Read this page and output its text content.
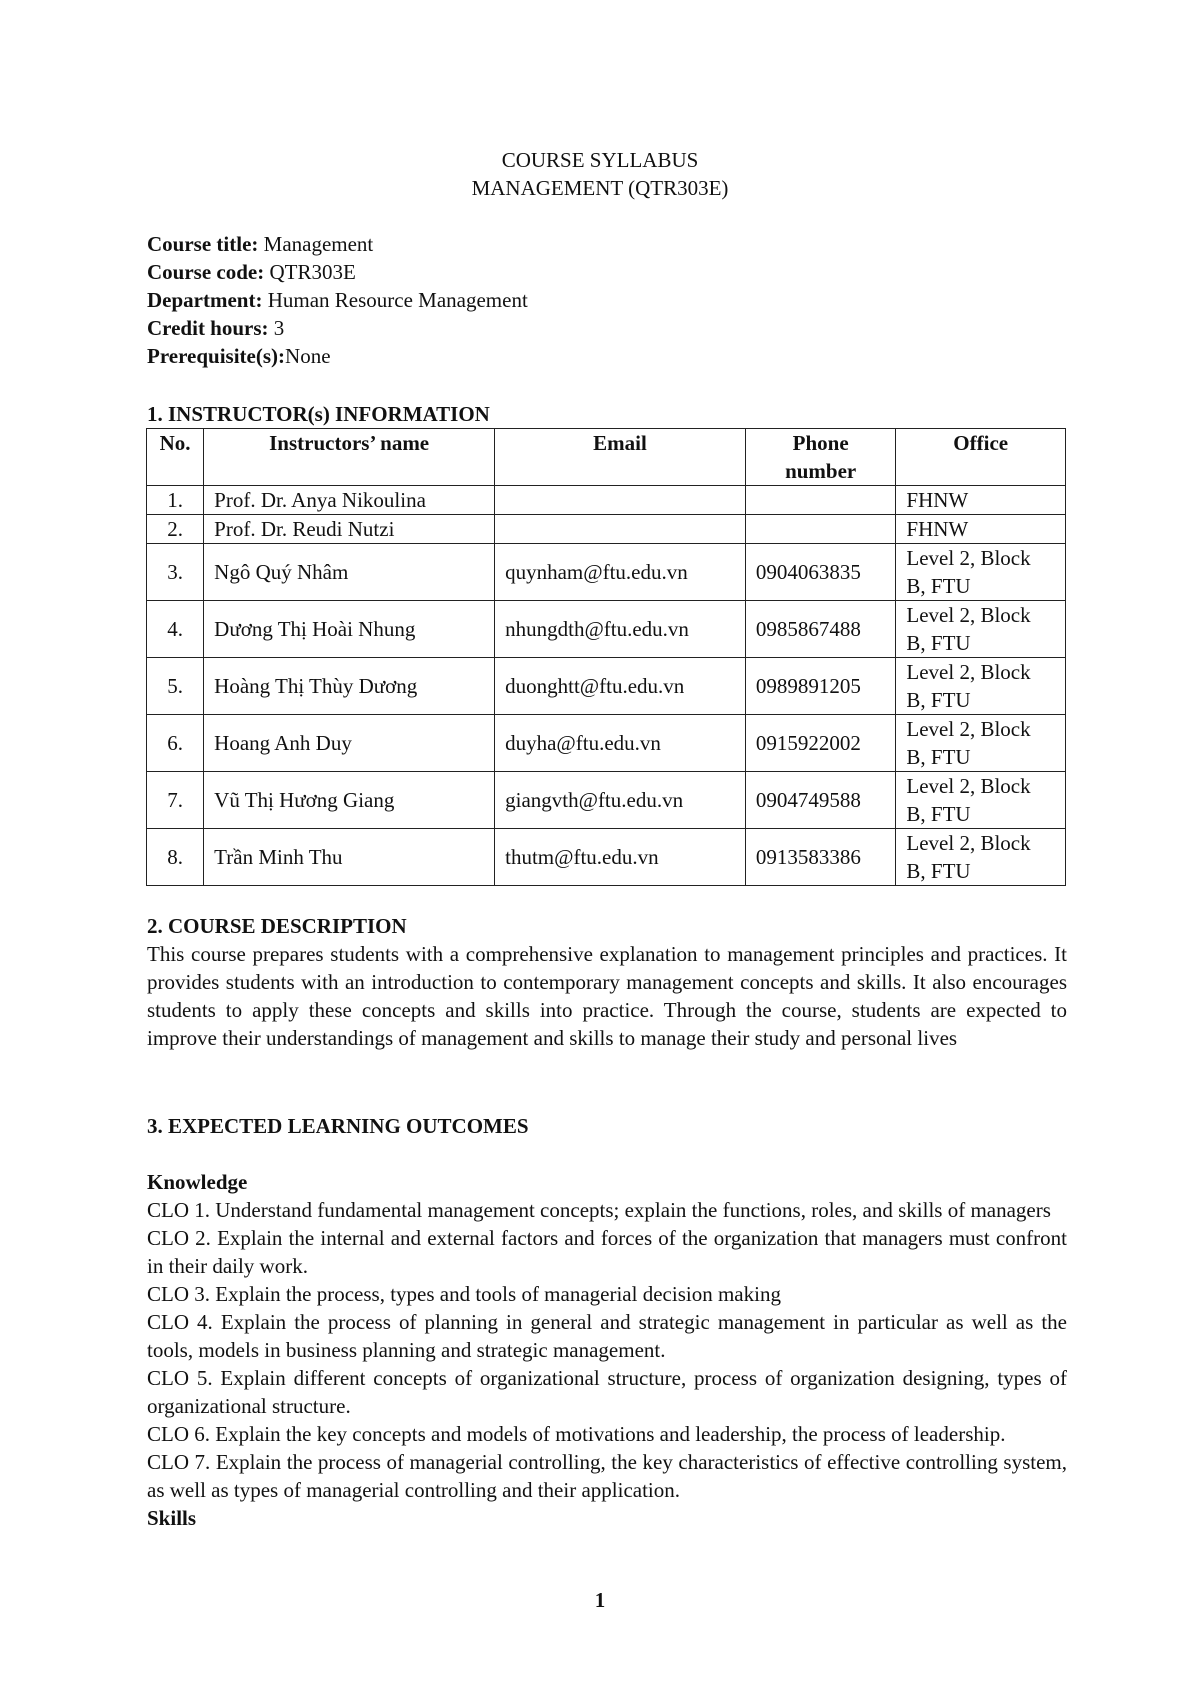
COURSE SYLLABUS
MANAGEMENT (QTR303E)
Course title: Management
Course code: QTR303E
Department: Human Resource Management
Credit hours: 3
Prerequisite(s):None
1. INSTRUCTOR(s) INFORMATION
No.	Instructors’ name	Email	Phone number	Office
1.	Prof. Dr. Anya Nikoulina			FHNW
2.	Prof. Dr. Reudi Nutzi			FHNW
3.	Ngô Quý Nhâm	quynham@ftu.edu.vn	0904063835	Level 2, Block B, FTU
4.	Dương Thị Hoài Nhung	nhungdth@ftu.edu.vn	0985867488	Level 2, Block B, FTU
5.	Hoàng Thị Thùy Dương	duonghtt@ftu.edu.vn	0989891205	Level 2, Block B, FTU
6.	Hoang Anh Duy	duyha@ftu.edu.vn	0915922002	Level 2, Block B, FTU
7.	Vũ Thị Hương Giang	giangvth@ftu.edu.vn	0904749588	Level 2, Block B, FTU
8.	Trần Minh Thu	thutm@ftu.edu.vn	0913583386	Level 2, Block B, FTU
2. COURSE DESCRIPTION
This course prepares students with a comprehensive explanation to management principles and practices. It provides students with an introduction to contemporary management concepts and skills. It also encourages students to apply these concepts and skills into practice. Through the course, students are expected to improve their understandings of management and skills to manage their study and personal lives
3. EXPECTED LEARNING OUTCOMES
Knowledge
CLO 1. Understand fundamental management concepts; explain the functions, roles, and skills of managers
CLO 2. Explain the internal and external factors and forces of the organization that managers must confront in their daily work.
CLO 3. Explain the process, types and tools of managerial decision making
CLO 4. Explain the process of planning in general and strategic management in particular as well as the tools, models in business planning and strategic management.
CLO 5. Explain different concepts of organizational structure, process of organization designing, types of organizational structure.
CLO 6. Explain the key concepts and models of motivations and leadership, the process of leadership.
CLO 7. Explain the process of managerial controlling, the key characteristics of effective controlling system, as well as types of managerial controlling and their application.
Skills
1
